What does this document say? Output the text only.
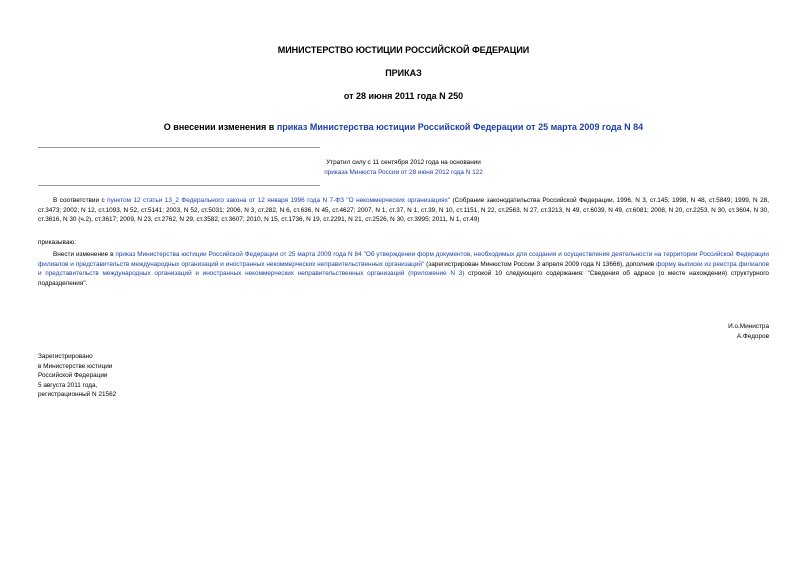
МИНИСТЕРСТВО ЮСТИЦИИ РОССИЙСКОЙ ФЕДЕРАЦИИ
ПРИКАЗ
от 28 июня 2011 года N 250
О внесении изменения в приказ Министерства юстиции Российской Федерации от 25 марта 2009 года N 84
Утратил силу с 11 сентября 2012 года на основании
приказа Минюста России от 28 июня 2012 года N 122
В соответствии с пунктом 12 статьи 13_2 Федерального закона от 12 января 1996 года N 7-ФЗ "О некоммерческих организациях" (Собрание законодательства Российской Федерации, 1996, N 3, ст.145; 1998, N 48, ст.5849; 1999, N 28, ст.3473; 2002, N 12, ст.1093, N 52, ст.5141; 2003, N 52, ст.5031; 2006, N 3, ст.282, N 6, ст.636, N 45, ст.4627; 2007, N 1, ст.37, N 1, ст.39, N 10, ст.1151, N 22, ст.2563, N 27, ст.3213, N 49, ст.6039, N 49, ст.6081; 2008, N 20, ст.2253, N 30, ст.3604, N 30, ст.3616, N 30 (ч.2), ст.3617; 2009, N 23, ст.2762, N 29, ст.3582, ст.3607; 2010, N 15, ст.1736, N 19, ст.2291, N 21, ст.2526, N 30, ст.3995; 2011, N 1, ст.49)
приказываю:
Внести изменение в приказ Министерства юстиции Российской Федерации от 25 марта 2009 года N 84 "Об утверждении форм документов, необходимых для создания и осуществления деятельности на территории Российской Федерации филиалов и представительств международных организаций и иностранных некоммерческих неправительственных организаций" (зарегистрирован Минюстом России 3 апреля 2009 года N 13666), дополнив форму выписки из реестра филиалов и представительств международных организаций и иностранных некоммерческих неправительственных организаций (приложение N 3) строкой 10 следующего содержания: "Сведения об адресе (о месте нахождения) структурного подразделения".
И.о.Министра
А.Федоров
Зарегистрировано
в Министерстве юстиции
Российской Федерации
5 августа 2011 года,
регистрационный N 21562
